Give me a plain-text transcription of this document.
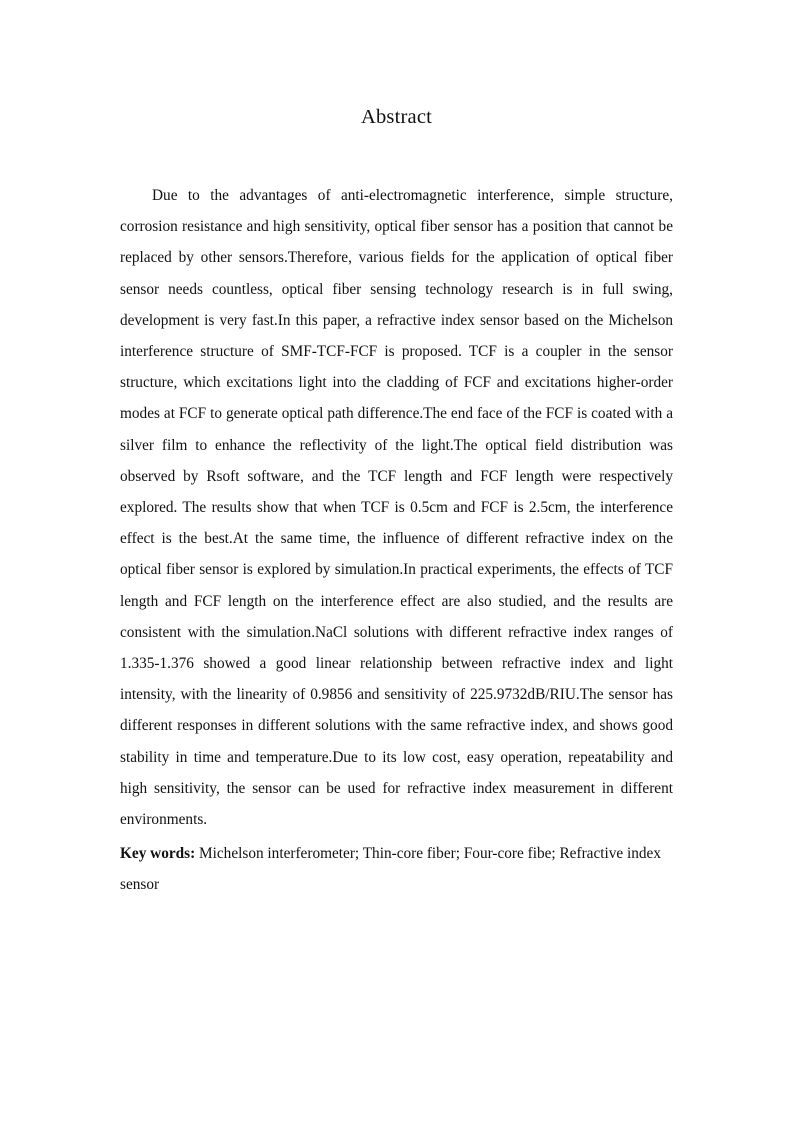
Abstract

Due to the advantages of anti-electromagnetic interference, simple structure, corrosion resistance and high sensitivity, optical fiber sensor has a position that cannot be replaced by other sensors.Therefore, various fields for the application of optical fiber sensor needs countless, optical fiber sensing technology research is in full swing, development is very fast.In this paper, a refractive index sensor based on the Michelson interference structure of SMF-TCF-FCF is proposed. TCF is a coupler in the sensor structure, which excitations light into the cladding of FCF and excitations higher-order modes at FCF to generate optical path difference.The end face of the FCF is coated with a silver film to enhance the reflectivity of the light.The optical field distribution was observed by Rsoft software, and the TCF length and FCF length were respectively explored. The results show that when TCF is 0.5cm and FCF is 2.5cm, the interference effect is the best.At the same time, the influence of different refractive index on the optical fiber sensor is explored by simulation.In practical experiments, the effects of TCF length and FCF length on the interference effect are also studied, and the results are consistent with the simulation.NaCl solutions with different refractive index ranges of 1.335-1.376 showed a good linear relationship between refractive index and light intensity, with the linearity of 0.9856 and sensitivity of 225.9732dB/RIU.The sensor has different responses in different solutions with the same refractive index, and shows good stability in time and temperature.Due to its low cost, easy operation, repeatability and high sensitivity, the sensor can be used for refractive index measurement in different environments.

Key words: Michelson interferometer; Thin-core fiber; Four-core fibe; Refractive index sensor
